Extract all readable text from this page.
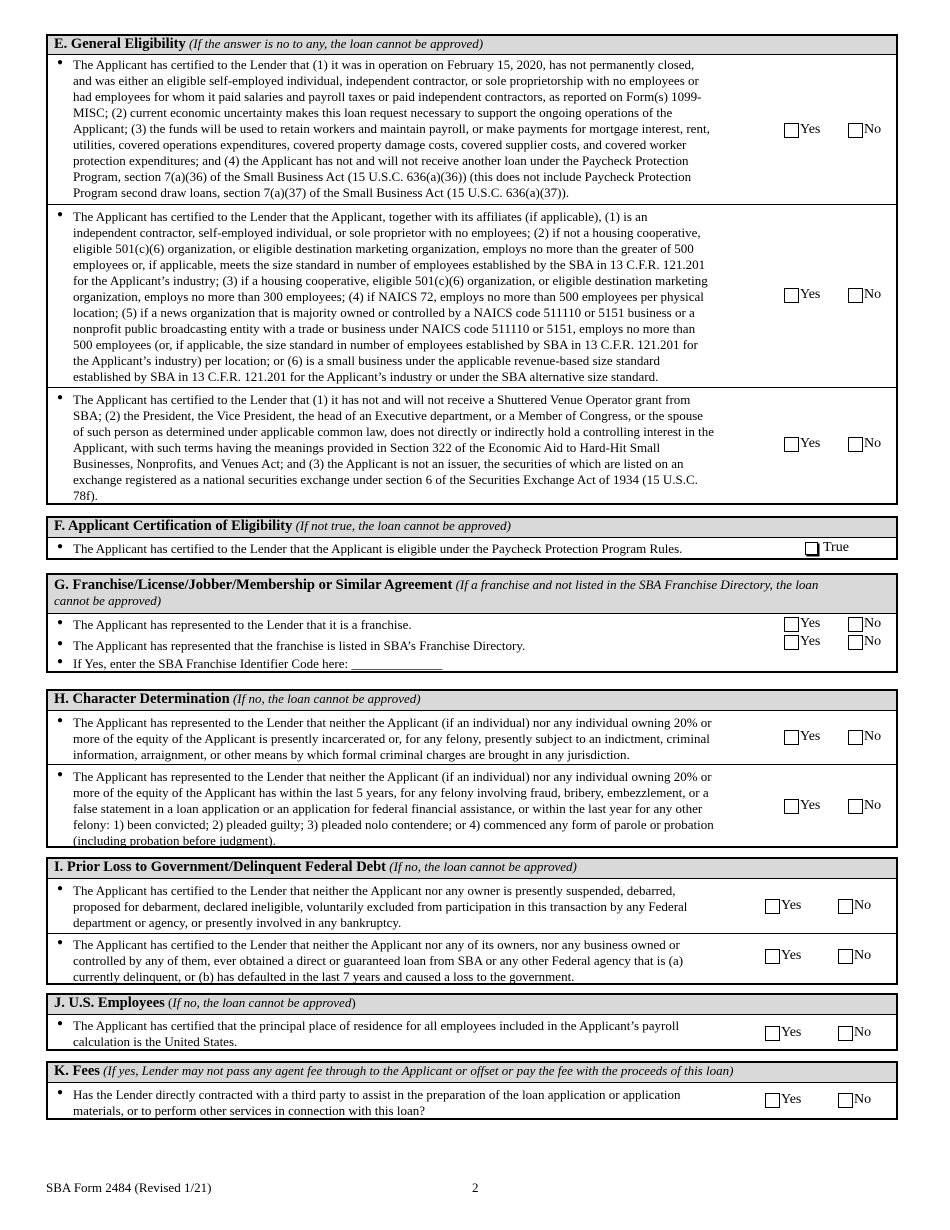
E. General Eligibility (If the answer is no to any, the loan cannot be approved)
● The Applicant has certified to the Lender that (1) it was in operation on February 15, 2020, has not permanently closed,
and was either an eligible self-employed individual, independent contractor, or sole proprietorship with no employees or
had employees for whom it paid salaries and payroll taxes or paid independent contractors, as reported on Form(s) 1099-
MISC; (2) current economic uncertainty makes this loan request necessary to support the ongoing operations of the
Applicant; (3) the funds will be used to retain workers and maintain payroll, or make payments for mortgage interest, rent,
utilities, covered operations expenditures, covered property damage costs, covered supplier costs, and covered worker
protection expenditures; and (4) the Applicant has not and will not receive another loan under the Paycheck Protection
Program, section 7(a)(36) of the Small Business Act (15 U.S.C. 636(a)(36)) (this does not include Paycheck Protection
Program second draw loans, section 7(a)(37) of the Small Business Act (15 U.S.C. 636(a)(37)).
Yes	No
● The Applicant has certified to the Lender that the Applicant, together with its affiliates (if applicable), (1) is an
independent contractor, self-employed individual, or sole proprietor with no employees; (2) if not a housing cooperative,
eligible 501(c)(6) organization, or eligible destination marketing organization, employs no more than the greater of 500
employees or, if applicable, meets the size standard in number of employees established by the SBA in 13 C.F.R. 121.201
for the Applicant’s industry; (3) if a housing cooperative, eligible 501(c)(6) organization, or eligible destination marketing
organization, employs no more than 300 employees; (4) if NAICS 72, employs no more than 500 employees per physical
location; (5) if a news organization that is majority owned or controlled by a NAICS code 511110 or 5151 business or a
nonprofit public broadcasting entity with a trade or business under NAICS code 511110 or 5151, employs no more than
500 employees (or, if applicable, the size standard in number of employees established by SBA in 13 C.F.R. 121.201 for
the Applicant’s industry) per location; or (6) is a small business under the applicable revenue-based size standard
established by SBA in 13 C.F.R. 121.201 for the Applicant’s industry or under the SBA alternative size standard.
Yes	No
● The Applicant has certified to the Lender that (1) it has not and will not receive a Shuttered Venue Operator grant from
SBA; (2) the President, the Vice President, the head of an Executive department, or a Member of Congress, or the spouse
of such person as determined under applicable common law, does not directly or indirectly hold a controlling interest in the
Applicant, with such terms having the meanings provided in Section 322 of the Economic Aid to Hard-Hit Small
Businesses, Nonprofits, and Venues Act; and (3) the Applicant is not an issuer, the securities of which are listed on an
exchange registered as a national securities exchange under section 6 of the Securities Exchange Act of 1934 (15 U.S.C.
78f).
Yes	No
F. Applicant Certification of Eligibility (If not true, the loan cannot be approved)
● The Applicant has certified to the Lender that the Applicant is eligible under the Paycheck Protection Program Rules.	True
G. Franchise/License/Jobber/Membership or Similar Agreement (If a franchise and not listed in the SBA Franchise Directory, the loan
cannot be approved)
● The Applicant has represented to the Lender that it is a franchise.	Yes	No
● The Applicant has represented that the franchise is listed in SBA’s Franchise Directory.	Yes	No
● If Yes, enter the SBA Franchise Identifier Code here: ______________
H. Character Determination (If no, the loan cannot be approved)
● The Applicant has represented to the Lender that neither the Applicant (if an individual) nor any individual owning 20% or
more of the equity of the Applicant is presently incarcerated or, for any felony, presently subject to an indictment, criminal
information, arraignment, or other means by which formal criminal charges are brought in any jurisdiction.
Yes	No
● The Applicant has represented to the Lender that neither the Applicant (if an individual) nor any individual owning 20% or
more of the equity of the Applicant has within the last 5 years, for any felony involving fraud, bribery, embezzlement, or a
false statement in a loan application or an application for federal financial assistance, or within the last year for any other
felony: 1) been convicted; 2) pleaded guilty; 3) pleaded nolo contendere; or 4) commenced any form of parole or probation
(including probation before judgment).
Yes	No
I. Prior Loss to Government/Delinquent Federal Debt (If no, the loan cannot be approved)
● The Applicant has certified to the Lender that neither the Applicant nor any owner is presently suspended, debarred,
proposed for debarment, declared ineligible, voluntarily excluded from participation in this transaction by any Federal
department or agency, or presently involved in any bankruptcy.
Yes	No
● The Applicant has certified to the Lender that neither the Applicant nor any of its owners, nor any business owned or
controlled by any of them, ever obtained a direct or guaranteed loan from SBA or any other Federal agency that is (a)
currently delinquent, or (b) has defaulted in the last 7 years and caused a loss to the government.
Yes	No
J. U.S. Employees (If no, the loan cannot be approved)
● The Applicant has certified that the principal place of residence for all employees included in the Applicant’s payroll
calculation is the United States.
Yes	No
K. Fees (If yes, Lender may not pass any agent fee through to the Applicant or offset or pay the fee with the proceeds of this loan)
● Has the Lender directly contracted with a third party to assist in the preparation of the loan application or application
materials, or to perform other services in connection with this loan?
Yes	No
SBA Form 2484 (Revised 1/21)	2
